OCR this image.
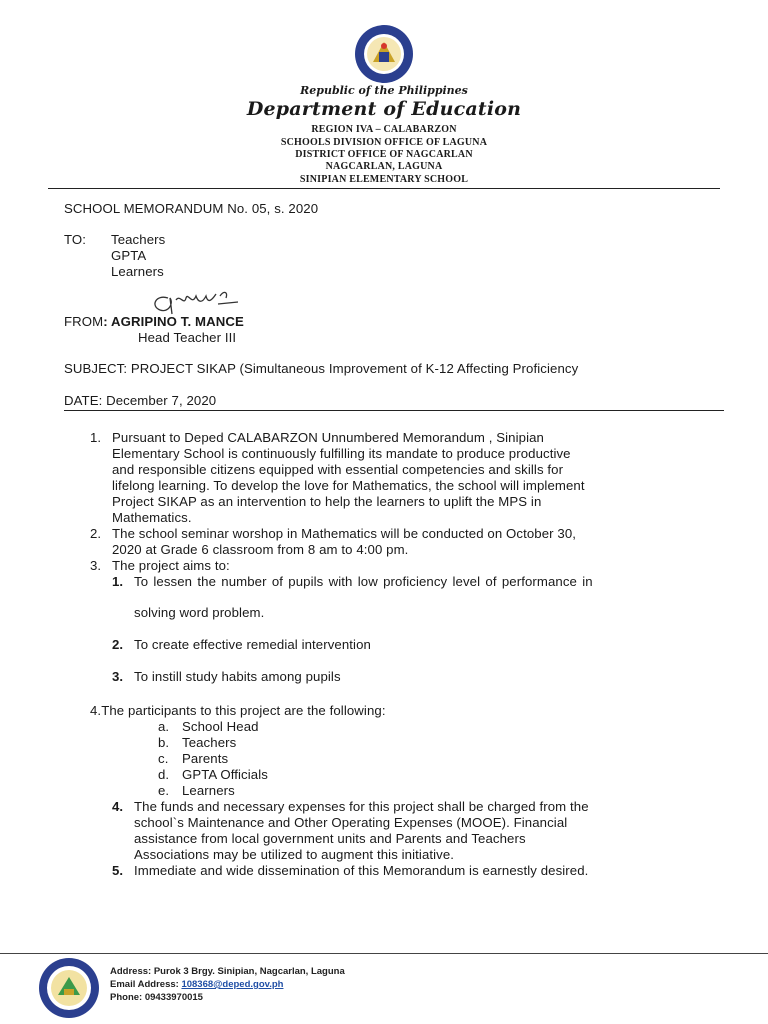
Republic of the Philippines
Department of Education
REGION IVA – CALABARZON
SCHOOLS DIVISION OFFICE OF LAGUNA
DISTRICT OFFICE OF NAGCARLAN
NAGCARLAN, LAGUNA
SINIPIAN ELEMENTARY SCHOOL
SCHOOL MEMORANDUM No. 05, s. 2020
TO: Teachers
GPTA
Learners
FROM: AGRIPINO T. MANCE
Head Teacher III
SUBJECT: PROJECT SIKAP (Simultaneous Improvement of K-12 Affecting Proficiency
DATE: December 7, 2020
1. Pursuant to Deped CALABARZON Unnumbered Memorandum , Sinipian
Elementary School is continuously fulfilling its mandate to produce productive
and responsible citizens equipped with essential competencies and skills for
lifelong learning. To develop the love for Mathematics, the school will implement
Project SIKAP as an intervention to help the learners to uplift the MPS in
Mathematics.
2. The school seminar worshop in Mathematics will be conducted on October 30,
2020 at Grade 6 classroom from 8 am to 4:00 pm.
3. The project aims to:
1. To lessen the number of pupils with low proficiency level of performance in
solving word problem.
2. To create effective remedial intervention
3. To instill study habits among pupils
4.The participants to this project are the following:
a. School Head
b. Teachers
c. Parents
d. GPTA Officials
e. Learners
4. The funds and necessary expenses for this project shall be charged from the
school`s Maintenance and Other Operating Expenses (MOOE). Financial
assistance from local government units and Parents and Teachers
Associations may be utilized to augment this initiative.
5. Immediate and wide dissemination of this Memorandum is earnestly desired.
Address: Purok 3 Brgy. Sinipian, Nagcarlan, Laguna
Email Address: 108368@deped.gov.ph
Phone: 09433970015
